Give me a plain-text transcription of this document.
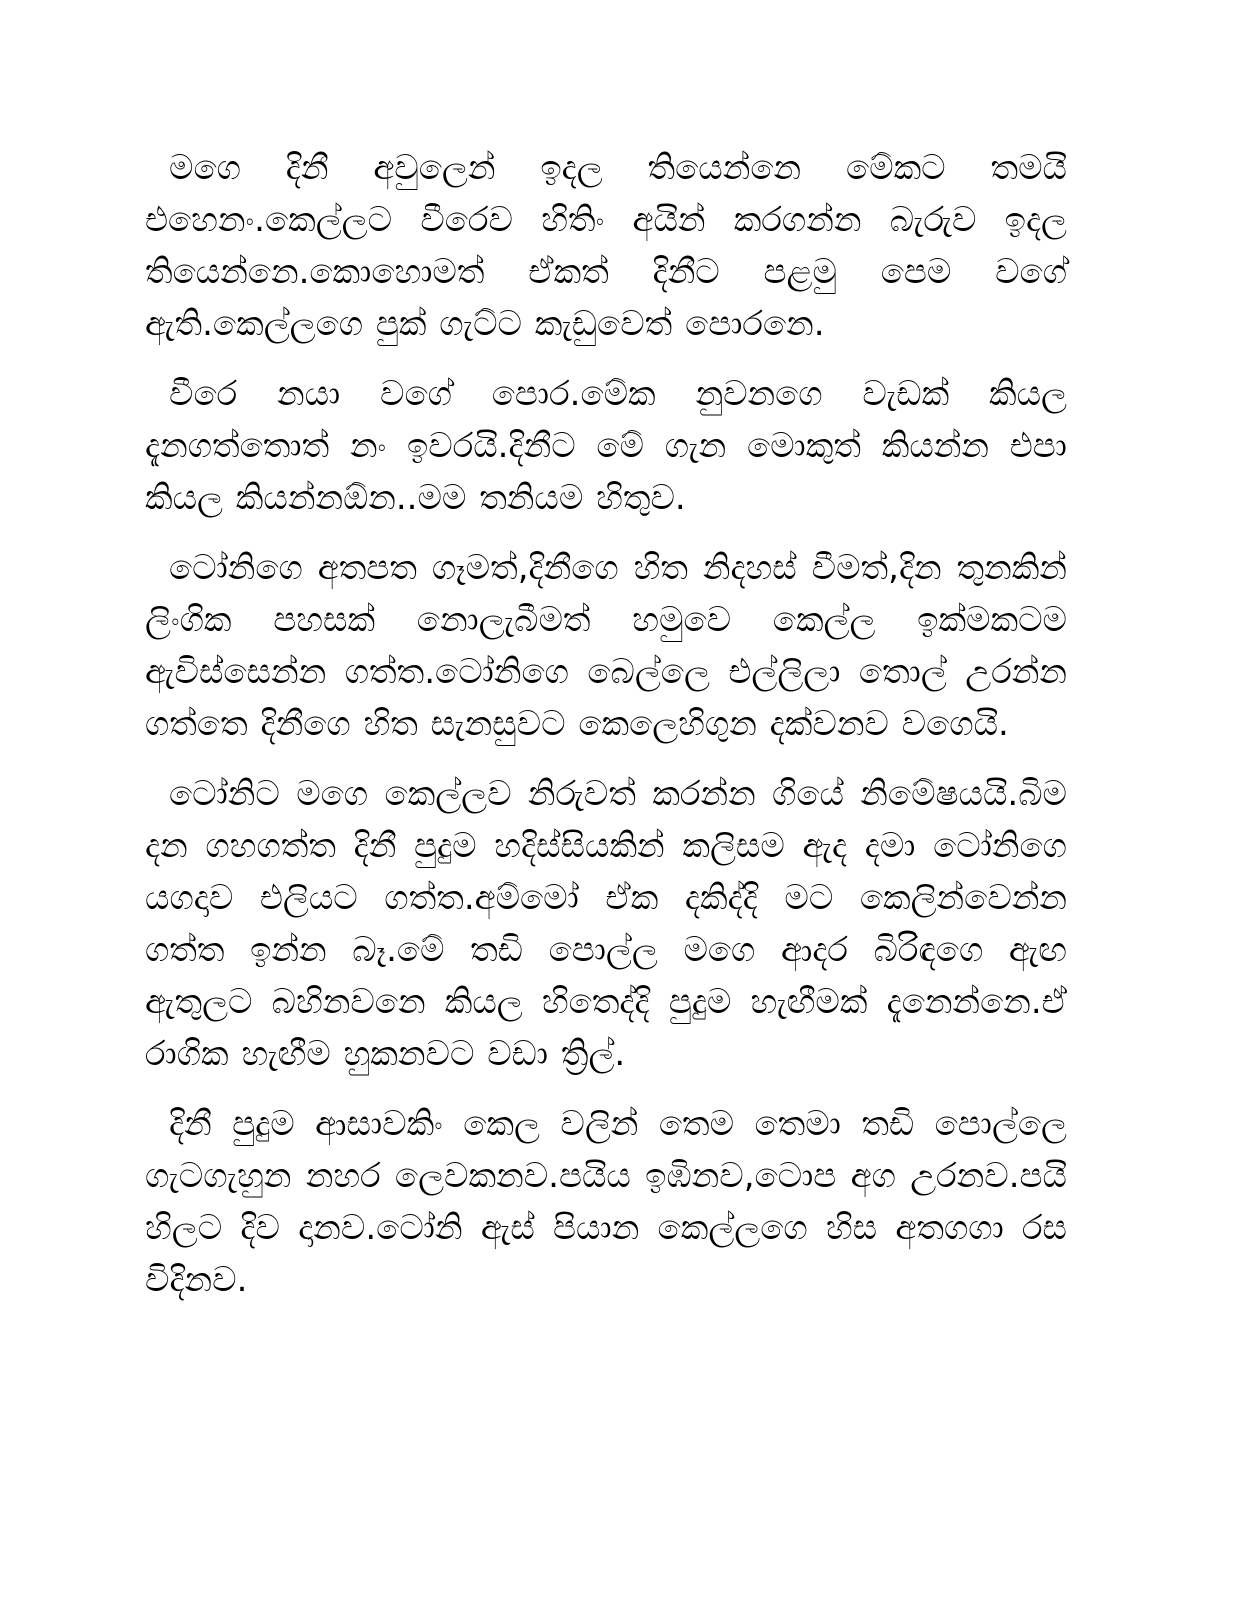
මගෙ දිනී අවුලෙන් ඉදල තියෙන්නෙ මේකට තමයි එහෙනං.කෙල්ලට වීරෙව හිතිං අයින් කරගන්න බැරුව ඉදල තියෙන්නෙ.කොහොමත් ඒකත් දිනීට පළමු පෙම වගේ ඇති.කෙල්ලගෙ පුක් ගැට්ට කැඩුවෙත් පොරනෙ.

වීරෙ නයා වගේ පොර.මේක නුවනගෙ වැඩක් කියල දැනගත්තොත් නං ඉවරයි.දිනීට මේ ගැන මොකුත් කියන්න එපා කියල කියන්නඕන..මම තනියම හිතුව.

ටෝනිගෙ අතපත ගෑමත්,දිනීගෙ හිත නිදහස් වීමත්,දින තුනකින් ලිංගික පහසක් නොලැබීමත් හමුවෙ කෙල්ල ඉක්මකටම ඇවිස්සෙන්න ගත්ත.ටෝනිගෙ බෙල්ලෙ එල්ලිලා තොල් උරන්න ගත්තෙ දිනීගෙ හිත සැනසුවට කෙලෙහිගුන දක්වනව වගෙයි.

ටෝනිට මගෙ කෙල්ලව නිරුවත් කරන්න ගියේ නිමේෂයයි.බිම දන ගහගත්ත දිනී පුදුම හදිස්සියකින් කලිසම ඇද දමා ටෝනිගෙ යගදාව එලියට ගත්ත.අම්මෝ ඒක දකිද්දි මට කෙලින්වෙන්න ගත්ත ඉන්න බෑ.මේ තඩි පොල්ල මගෙ ආදර බිරිඳගෙ ඇඟ ඇතුලට බහිනවනෙ කියල හිතෙද්දි පුදුම හැඟීමක් දැනෙන්නෙ.ඒ රාගික හැඟීම හුකනවට වඩා ත්‍රිල්.

දිනී පුදුම ආසාවකිං කෙල වලින් තෙම තෙමා තඩි පොල්ලෙ ගැටගැහුන නහර ලෙවකනව.පයිය ඉඹිනව,ටොප අග උරනව.පයි හිලට දිව දානව.ටෝනි ඇස් පියාන කෙල්ලගෙ හිස අතගගා රස විදිනව.
